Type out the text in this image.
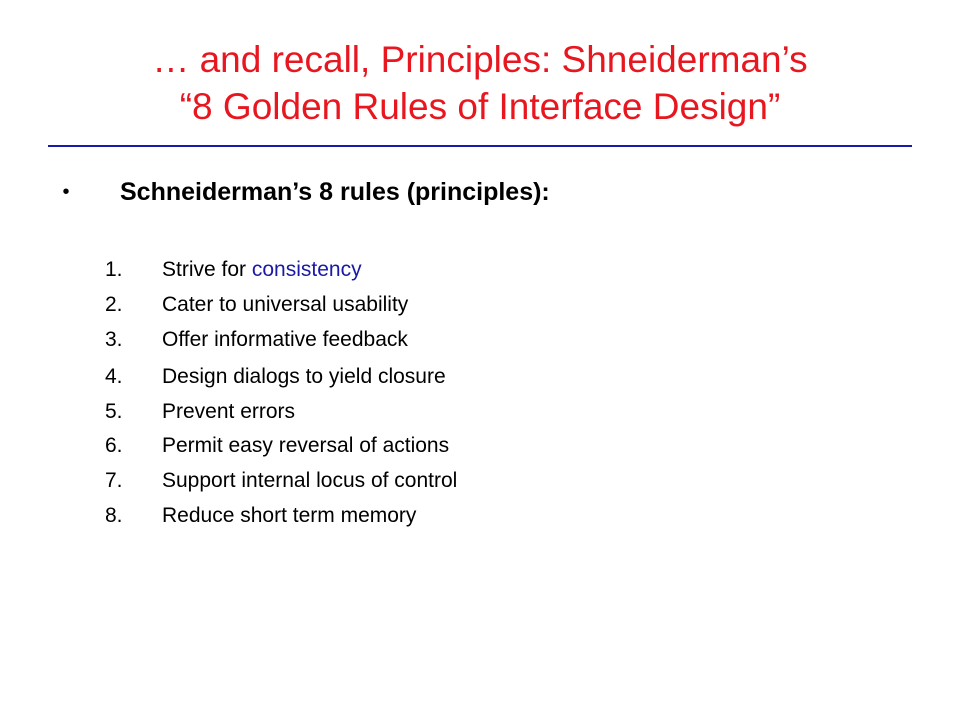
… and recall, Principles: Shneiderman’s
“8 Golden Rules of Interface Design”
• Schneiderman’s 8 rules (principles):
1.	Strive for consistency
2.	Cater to universal usability
3.	Offer informative feedback
4.	Design dialogs to yield closure
5.	Prevent errors
6.	Permit easy reversal of actions
7.	Support internal locus of control
8.	Reduce short term memory
